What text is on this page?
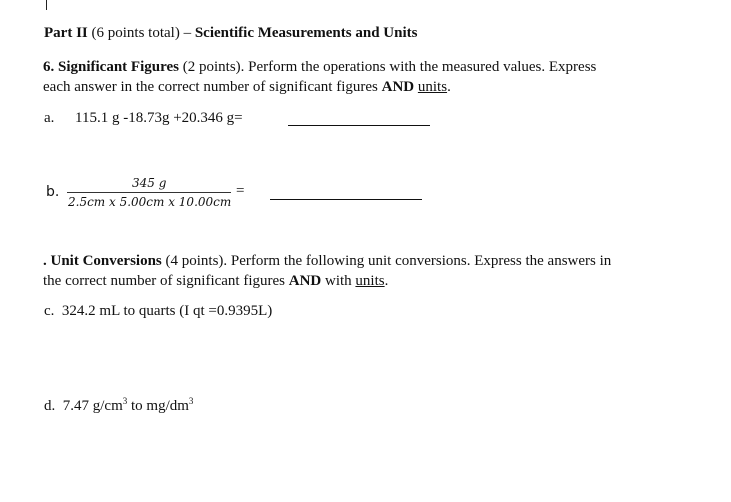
Part II (6 points total) – Scientific Measurements and Units
6. Significant Figures (2 points). Perform the operations with the measured values. Express
each answer in the correct number of significant figures AND units.
a. 115.1 g -18.73g +20.346 g=
b.
345 g
2.5cm x 5.00cm x 10.00cm
=
. Unit Conversions (4 points). Perform the following unit conversions. Express the answers in
the correct number of significant figures AND with units.
c. 324.2 mL to quarts (I qt =0.9395L)
d. 7.47 $g/cm^3$ to $mg/dm^3$
